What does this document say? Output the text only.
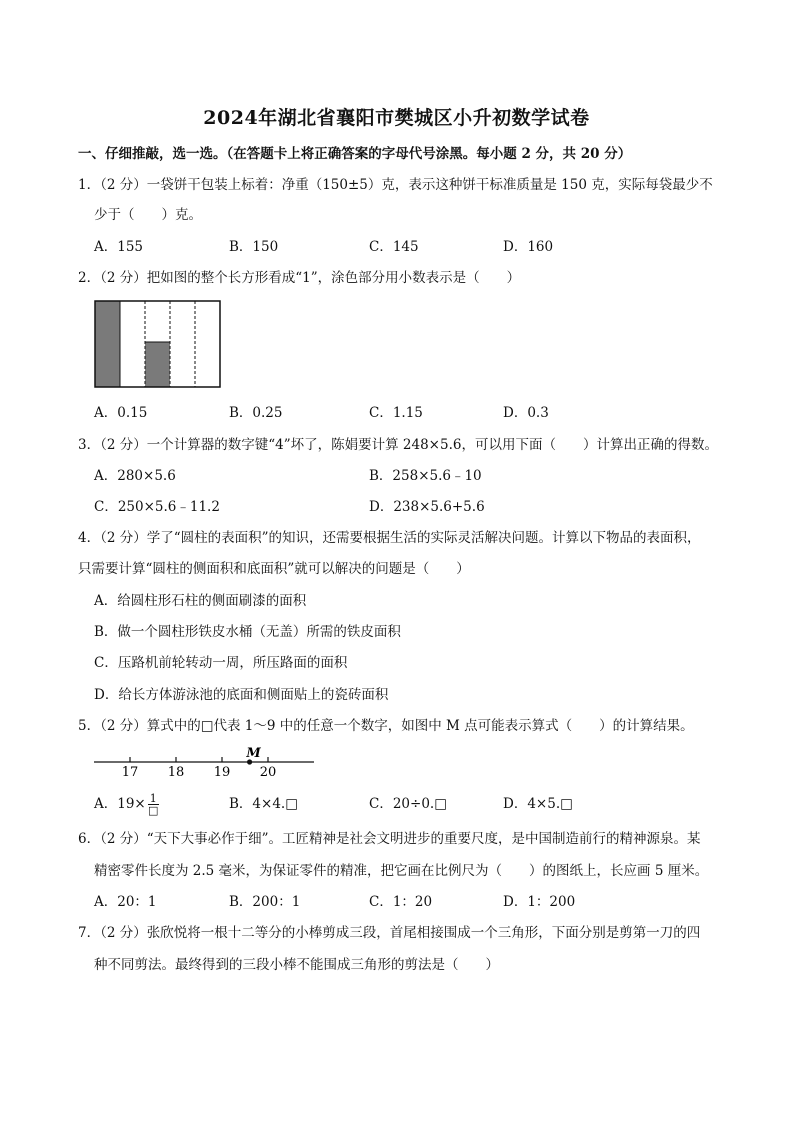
2024年湖北省襄阳市樊城区小升初数学试卷
一、仔细推敲，选一选。（在答题卡上将正确答案的字母代号涂黑。每小题 2 分，共 20 分）
1．（2 分）一袋饼干包装上标着：净重（150±5）克，表示这种饼干标准质量是 150 克，实际每袋最少不
少于（　　）克。
A．155	B．150	C．145	D．160
2．（2 分）把如图的整个长方形看成“1”，涂色部分用小数表示是（　　）
A．0.15	B．0.25	C．1.15	D．0.3
3．（2 分）一个计算器的数字键“4”坏了，陈娟要计算 248×5.6，可以用下面（　　）计算出正确的得数。
A．280×5.6	B．258×5.6﹣10
C．250×5.6﹣11.2	D．238×5.6+5.6
4．（2 分）学了“圆柱的表面积”的知识，还需要根据生活的实际灵活解决问题。计算以下物品的表面积，
只需要计算“圆柱的侧面积和底面积”就可以解决的问题是（　　）
A．给圆柱形石柱的侧面刷漆的面积
B．做一个圆柱形铁皮水桶（无盖）所需的铁皮面积
C．压路机前轮转动一周，所压路面的面积
D．给长方体游泳池的底面和侧面贴上的瓷砖面积
5．（2 分）算式中的□代表 1～9 中的任意一个数字，如图中 M 点可能表示算式（　　）的计算结果。
17 18 19 20
M
A．$19\times \frac{1}{□}$	B．4×4.□	C．20÷0.□	D．4×5.□
6．（2 分）“天下大事必作于细”。工匠精神是社会文明进步的重要尺度，是中国制造前行的精神源泉。某
精密零件长度为 2.5 毫米，为保证零件的精准，把它画在比例尺为（　　）的图纸上，长应画 5 厘米。
A．20：1	B．200：1	C．1：20	D．1：200
7．（2 分）张欣悦将一根十二等分的小棒剪成三段，首尾相接围成一个三角形，下面分别是剪第一刀的四
种不同剪法。最终得到的三段小棒不能围成三角形的剪法是（　　）
